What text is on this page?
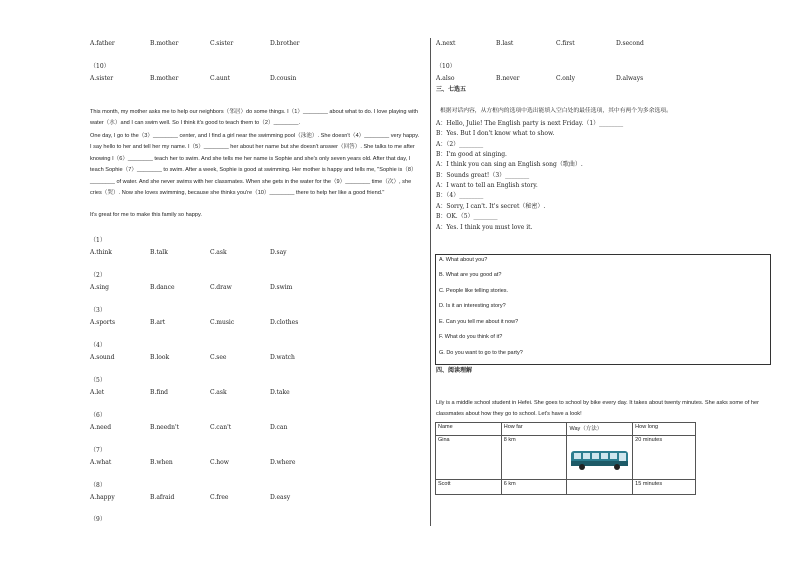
A.father	B.mother	C.sister	D.brother
（10）
A.sister	B.mother	C.aunt	D.cousin
This month, my mother asks me to help our neighbors（邻居）do some things. I（1）________ about what to do. I love playing with water（水）and I can swim well. So I think it's good to teach them to（2）________.
One day, I go to the（3）________ center, and I find a girl near the swimming pool（泳池）. She doesn't（4）________ very happy. I say hello to her and tell her my name. I（5）________ her about her name but she doesn't answer（回答）. She talks to me after knowing I（6）________ teach her to swim. And she tells me her name is Sophie and she's only seven years old. After that day, I teach Sophie（7）________ to swim. After a week, Sophie is good at swimming. Her mother is happy and tells me, "Sophie is（8）________ of water. And she never swims with her classmates. When she gets in the water for the（9）________ time（次）, she cries（哭）. Now she loves swimming, because she thinks you're（10）________ there to help her like a good friend."
It's great for me to make this family so happy.
（1）
A.think	B.talk	C.ask	D.say
（2）
A.sing	B.dance	C.draw	D.swim
（3）
A.sports	B.art	C.music	D.clothes
（4）
A.sound	B.look	C.see	D.watch
（5）
A.let	B.find	C.ask	D.take
（6）
A.need	B.needn't	C.can't	D.can
（7）
A.what	B.when	C.how	D.where
（8）
A.happy	B.afraid	C.free	D.easy
（9）
A.next	B.last	C.first	D.second
（10）
A.also	B.never	C.only	D.always
三、七选五
根据对话内容，从方框内的选项中选出能填入空白处的最佳选项，其中有两个为多余选项。
A：Hello, Julie! The English party is next Friday.（1）________
B：Yes. But I don't know what to show.
A：（2）________
B：I'm good at singing.
A：I think you can sing an English song（歌曲）.
B：Sounds great!（3）________
A：I want to tell an English story.
B：（4）________
A：Sorry, I can't. It's secret（秘密）.
B：OK.（5）________
A：Yes. I think you must love it.
A. What about you?
B. What are you good at?
C. People like telling stories.
D. Is it an interesting story?
E. Can you tell me about it now?
F. What do you think of it?
G. Do you want to go to the party?
四、阅读理解
Lily is a middle school student in Hefei. She goes to school by bike every day. It takes about twenty minutes. She asks some of her classmates about how they go to school. Let's have a look!
Name	How far	Way（方法）	How long
Gina	8 km		20 minutes
Scott	6 km		15 minutes
